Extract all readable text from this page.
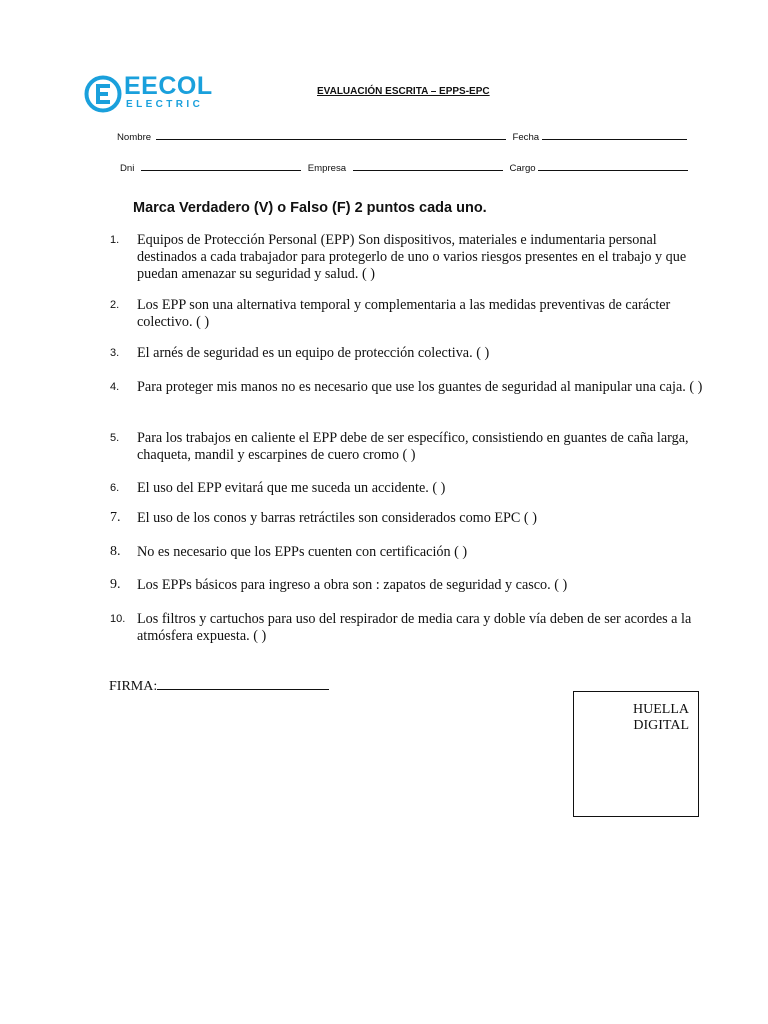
EECOL
ELECTRIC
EVALUACIÓN ESCRITA – EPPS-EPC
Nombre	Fecha
Dni	Empresa	Cargo
Marca Verdadero (V) o Falso (F) 2 puntos cada uno.
1. Equipos de Protección Personal (EPP) Son dispositivos, materiales e indumentaria personal destinados a cada trabajador para protegerlo de uno o varios riesgos presentes en el trabajo y que puedan amenazar su seguridad y salud. ( )
2. Los EPP son una alternativa temporal y complementaria a las medidas preventivas de carácter colectivo. ( )
3. El arnés de seguridad es un equipo de protección colectiva. ( )
4. Para proteger mis manos no es necesario que use los guantes de seguridad al manipular una caja. ( )
5. Para los trabajos en caliente el EPP debe de ser específico, consistiendo en guantes de caña larga, chaqueta, mandil y escarpines de cuero cromo ( )
6. El uso del EPP evitará que me suceda un accidente. ( )
7. El uso de los conos y barras retráctiles son considerados como EPC ( )
8. No es necesario que los EPPs cuenten con certificación ( )
9. Los EPPs básicos para ingreso a obra son : zapatos de seguridad y casco. ( )
10. Los filtros y cartuchos para uso del respirador de media cara y doble vía deben de ser acordes a la atmósfera expuesta. ( )
FIRMA:
HUELLA
DIGITAL
